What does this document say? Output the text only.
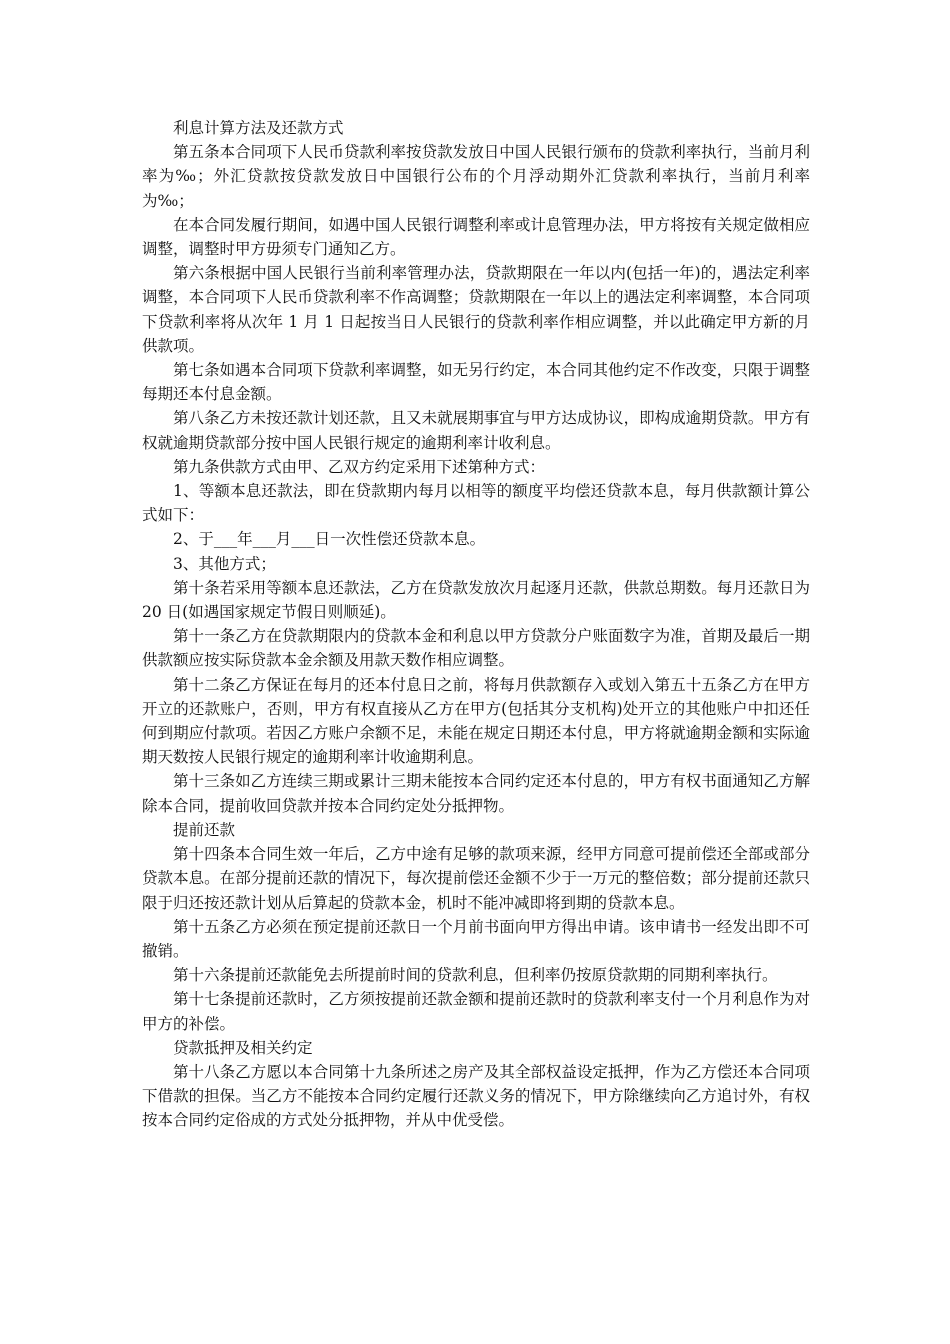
利息计算方法及还款方式

第五条本合同项下人民币贷款利率按贷款发放日中国人民银行颁布的贷款利率执行，当前月利率为‰；外汇贷款按贷款发放日中国银行公布的个月浮动期外汇贷款利率执行，当前月利率为‰；

在本合同发履行期间，如遇中国人民银行调整利率或计息管理办法，甲方将按有关规定做相应调整，调整时甲方毋须专门通知乙方。

第六条根据中国人民银行当前利率管理办法，贷款期限在一年以内(包括一年)的，遇法定利率调整，本合同项下人民币贷款利率不作高调整；贷款期限在一年以上的遇法定利率调整，本合同项下贷款利率将从次年 1 月 1 日起按当日人民银行的贷款利率作相应调整，并以此确定甲方新的月供款项。

第七条如遇本合同项下贷款利率调整，如无另行约定，本合同其他约定不作改变，只限于调整每期还本付息金额。

第八条乙方未按还款计划还款，且又未就展期事宜与甲方达成协议，即构成逾期贷款。甲方有权就逾期贷款部分按中国人民银行规定的逾期利率计收利息。

第九条供款方式由甲、乙双方约定采用下述第种方式：

1、等额本息还款法，即在贷款期内每月以相等的额度平均偿还贷款本息，每月供款额计算公式如下：

2、于___年___月___日一次性偿还贷款本息。

3、其他方式；

第十条若采用等额本息还款法，乙方在贷款发放次月起逐月还款，供款总期数。每月还款日为 20 日(如遇国家规定节假日则顺延)。

第十一条乙方在贷款期限内的贷款本金和利息以甲方贷款分户账面数字为准，首期及最后一期供款额应按实际贷款本金余额及用款天数作相应调整。

第十二条乙方保证在每月的还本付息日之前，将每月供款额存入或划入第五十五条乙方在甲方开立的还款账户，否则，甲方有权直接从乙方在甲方(包括其分支机构)处开立的其他账户中扣还任何到期应付款项。若因乙方账户余额不足，未能在规定日期还本付息，甲方将就逾期金额和实际逾期天数按人民银行规定的逾期利率计收逾期利息。

第十三条如乙方连续三期或累计三期未能按本合同约定还本付息的，甲方有权书面通知乙方解除本合同，提前收回贷款并按本合同约定处分抵押物。

提前还款

第十四条本合同生效一年后，乙方中途有足够的款项来源，经甲方同意可提前偿还全部或部分贷款本息。在部分提前还款的情况下，每次提前偿还金额不少于一万元的整倍数；部分提前还款只限于归还按还款计划从后算起的贷款本金，机时不能冲减即将到期的贷款本息。

第十五条乙方必须在预定提前还款日一个月前书面向甲方得出申请。该申请书一经发出即不可撤销。

第十六条提前还款能免去所提前时间的贷款利息，但利率仍按原贷款期的同期利率执行。

第十七条提前还款时，乙方须按提前还款金额和提前还款时的贷款利率支付一个月利息作为对甲方的补偿。

贷款抵押及相关约定

第十八条乙方愿以本合同第十九条所述之房产及其全部权益设定抵押，作为乙方偿还本合同项下借款的担保。当乙方不能按本合同约定履行还款义务的情况下，甲方除继续向乙方追讨外，有权按本合同约定俗成的方式处分抵押物，并从中优受偿。
